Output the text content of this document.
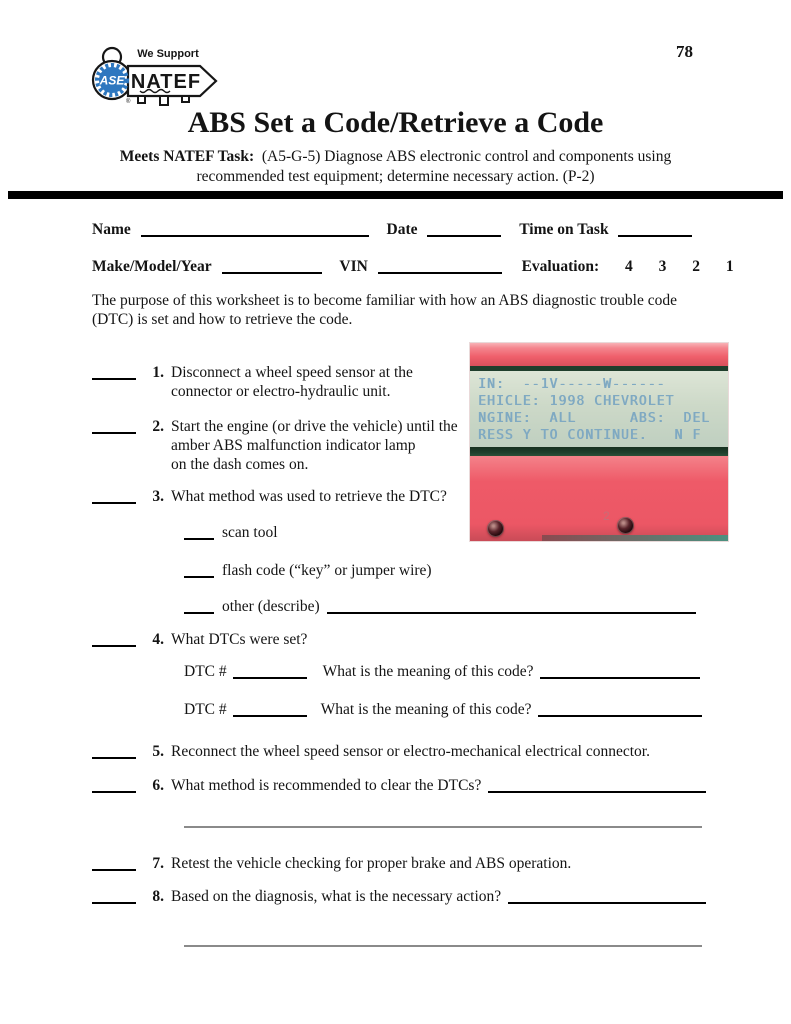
ASE
We Support
NATEF
®
78
ABS Set a Code/Retrieve a Code
Meets NATEF Task: (A5-G-5) Diagnose ABS electronic control and components using
recommended test equipment; determine necessary action. (P-2)
Name	Date	Time on Task
Make/Model/Year	VIN	Evaluation: 4 3 2 1
The purpose of this worksheet is to become familiar with how an ABS diagnostic trouble code
(DTC) is set and how to retrieve the code.
IN:  --1V-----W------
EHICLE: 1998 CHEVROLET
NGINE:  ALL      ABS:  DEL
RESS Y TO CONTINUE.   N F
2
1. Disconnect a wheel speed sensor at the
connector or electro-hydraulic unit.
2. Start the engine (or drive the vehicle) until the
amber ABS malfunction indicator lamp
on the dash comes on.
3. What method was used to retrieve the DTC?
scan tool
flash code (“key” or jumper wire)
other (describe)
4. What DTCs were set?
DTC #	What is the meaning of this code?
DTC #	What is the meaning of this code?
5. Reconnect the wheel speed sensor or electro-mechanical electrical connector.
6. What method is recommended to clear the DTCs?
7. Retest the vehicle checking for proper brake and ABS operation.
8. Based on the diagnosis, what is the necessary action?
